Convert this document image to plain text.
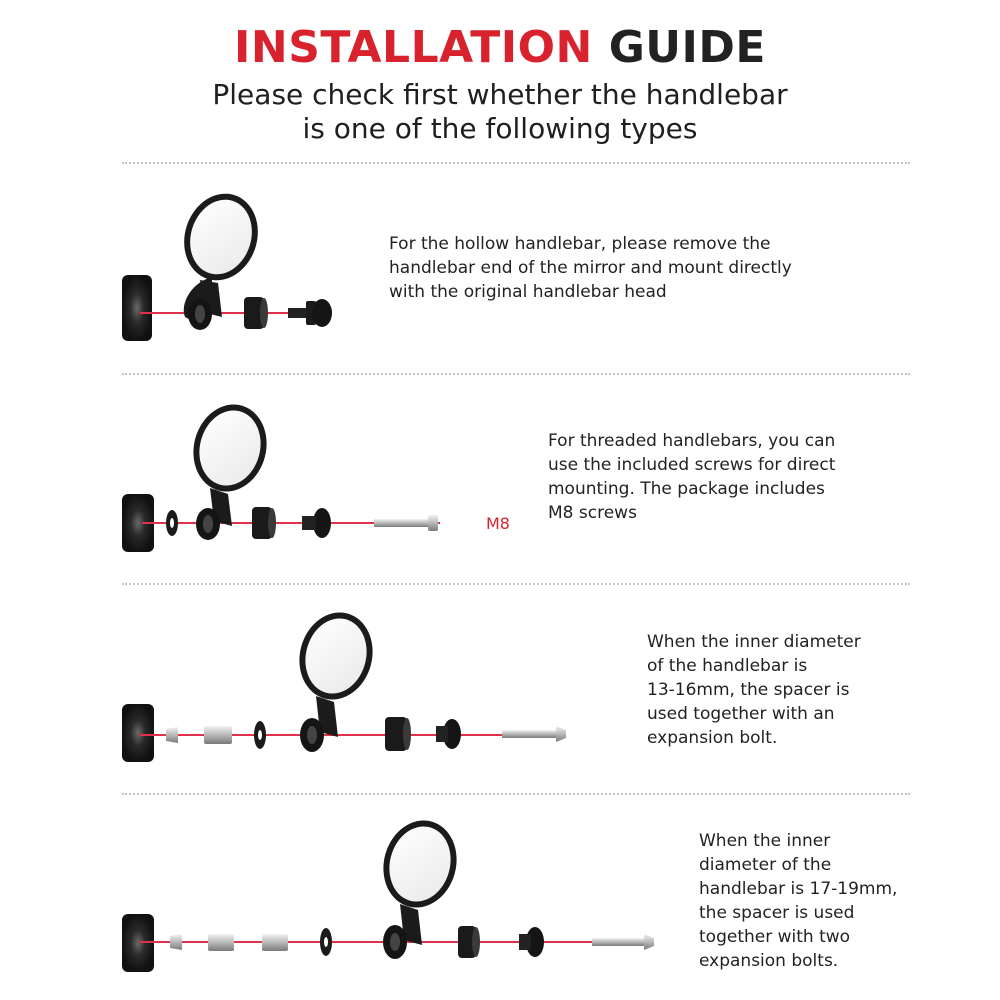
INSTALLATION GUIDE
Please check first whether the handlebar
is one of the following types
For the hollow handlebar, please remove the
handlebar end of the mirror and mount directly
with the original handlebar head
M8
For threaded handlebars, you can
use the included screws for direct
mounting. The package includes
M8 screws
When the inner diameter
of the handlebar is
13-16mm, the spacer is
used together with an
expansion bolt.
When the inner
diameter of the
handlebar is 17-19mm,
the spacer is used
together with two
expansion bolts.
